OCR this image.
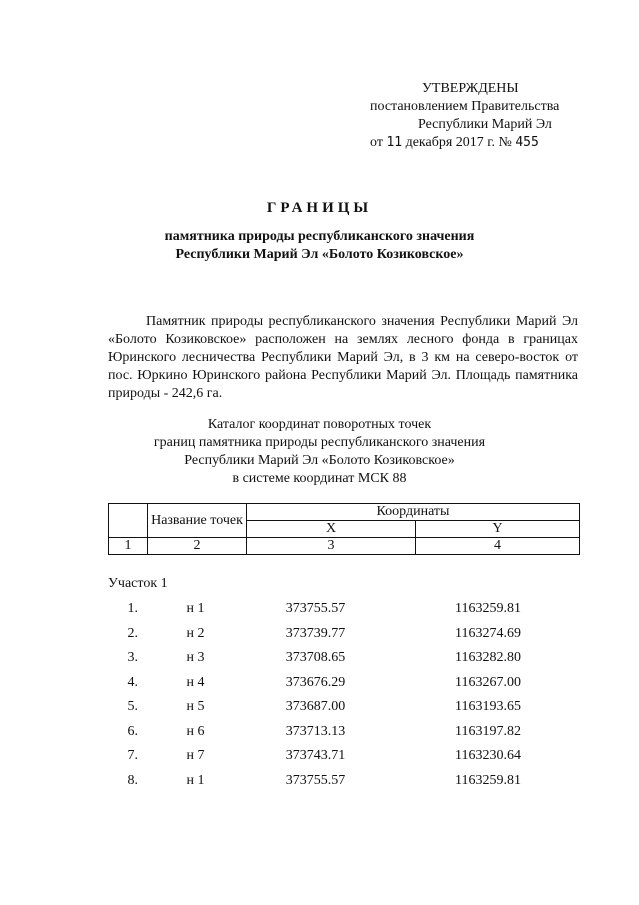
УТВЕРЖДЕНЫ
постановлением Правительства
Республики Марий Эл
от 11 декабря 2017 г. № 455
ГРАНИЦЫ
памятника природы республиканского значения
Республики Марий Эл «Болото Козиковское»
Памятник природы республиканского значения Республики Марий Эл «Болото Козиковское» расположен на землях лесного фонда в границах Юринского лесничества Республики Марий Эл, в 3 км на северо-восток от пос. Юркино Юринского района Республики Марий Эл. Площадь памятника природы - 242,6 га.
Каталог координат поворотных точек
границ памятника природы республиканского значения
Республики Марий Эл «Болото Козиковское»
в системе координат МСК 88
	Название точек	Координаты	
		X	Y
1	2	3	4
Участок 1
1.	н 1	373755.57	1163259.81
2.	н 2	373739.77	1163274.69
3.	н 3	373708.65	1163282.80
4.	н 4	373676.29	1163267.00
5.	н 5	373687.00	1163193.65
6.	н 6	373713.13	1163197.82
7.	н 7	373743.71	1163230.64
8.	н 1	373755.57	1163259.81
